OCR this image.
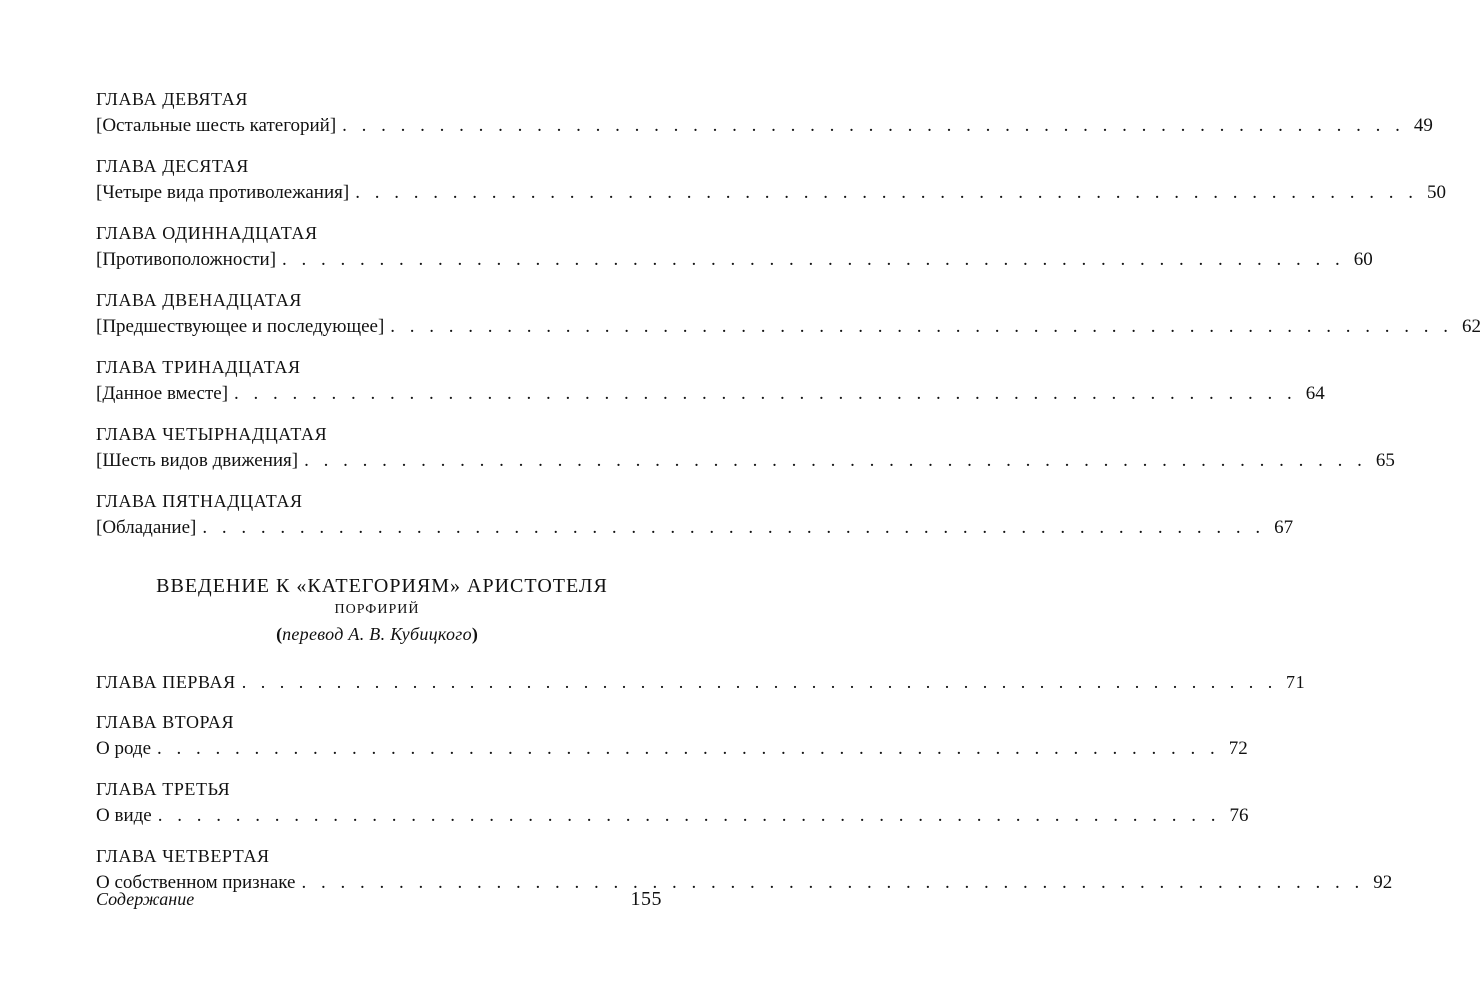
ГЛАВА ДЕВЯТАЯ
[Остальные шесть категорий] . . . . . . . . . . . . . . . . . . . . . . . . . . . . . . . . . . . . . . . . . . . . . . . . . . . . . . . 49
ГЛАВА ДЕСЯТАЯ
[Четыре вида противолежания] . . . . . . . . . . . . . . . . . . . . . . . . . . . . . . . . . . . . . . . . . . . . . . . . . . . . . . . 50
ГЛАВА ОДИННАДЦАТАЯ
[Противоположности] . . . . . . . . . . . . . . . . . . . . . . . . . . . . . . . . . . . . . . . . . . . . . . . . . . . . . . . 60
ГЛАВА ДВЕНАДЦАТАЯ
[Предшествующее и последующее] . . . . . . . . . . . . . . . . . . . . . . . . . . . . . . . . . . . . . . . . . . . . . . . . . . . . . . . 62
ГЛАВА ТРИНАДЦАТАЯ
[Данное вместе] . . . . . . . . . . . . . . . . . . . . . . . . . . . . . . . . . . . . . . . . . . . . . . . . . . . . . . . 64
ГЛАВА ЧЕТЫРНАДЦАТАЯ
[Шесть видов движения] . . . . . . . . . . . . . . . . . . . . . . . . . . . . . . . . . . . . . . . . . . . . . . . . . . . . . . . 65
ГЛАВА ПЯТНАДЦАТАЯ
[Обладание] . . . . . . . . . . . . . . . . . . . . . . . . . . . . . . . . . . . . . . . . . . . . . . . . . . . . . . . 67
ВВЕДЕНИЕ К «КАТЕГОРИЯМ» АРИСТОТЕЛЯ
ПОРФИРИЙ
(перевод А. В. Кубицкого)
ГЛАВА ПЕРВАЯ . . . . . . . . . . . . . . . . . . . . . . . . . . . . . . . . . . . . . . . . . . . . . . . . . . . . . . . 71
ГЛАВА ВТОРАЯ
О роде . . . . . . . . . . . . . . . . . . . . . . . . . . . . . . . . . . . . . . . . . . . . . . . . . . . . . . . 72
ГЛАВА ТРЕТЬЯ
О виде . . . . . . . . . . . . . . . . . . . . . . . . . . . . . . . . . . . . . . . . . . . . . . . . . . . . . . . 76
ГЛАВА ЧЕТВЕРТАЯ
О собственном признаке . . . . . . . . . . . . . . . . . . . . . . . . . . . . . . . . . . . . . . . . . . . . . . . . . . . . . . . 92
Содержание	155
